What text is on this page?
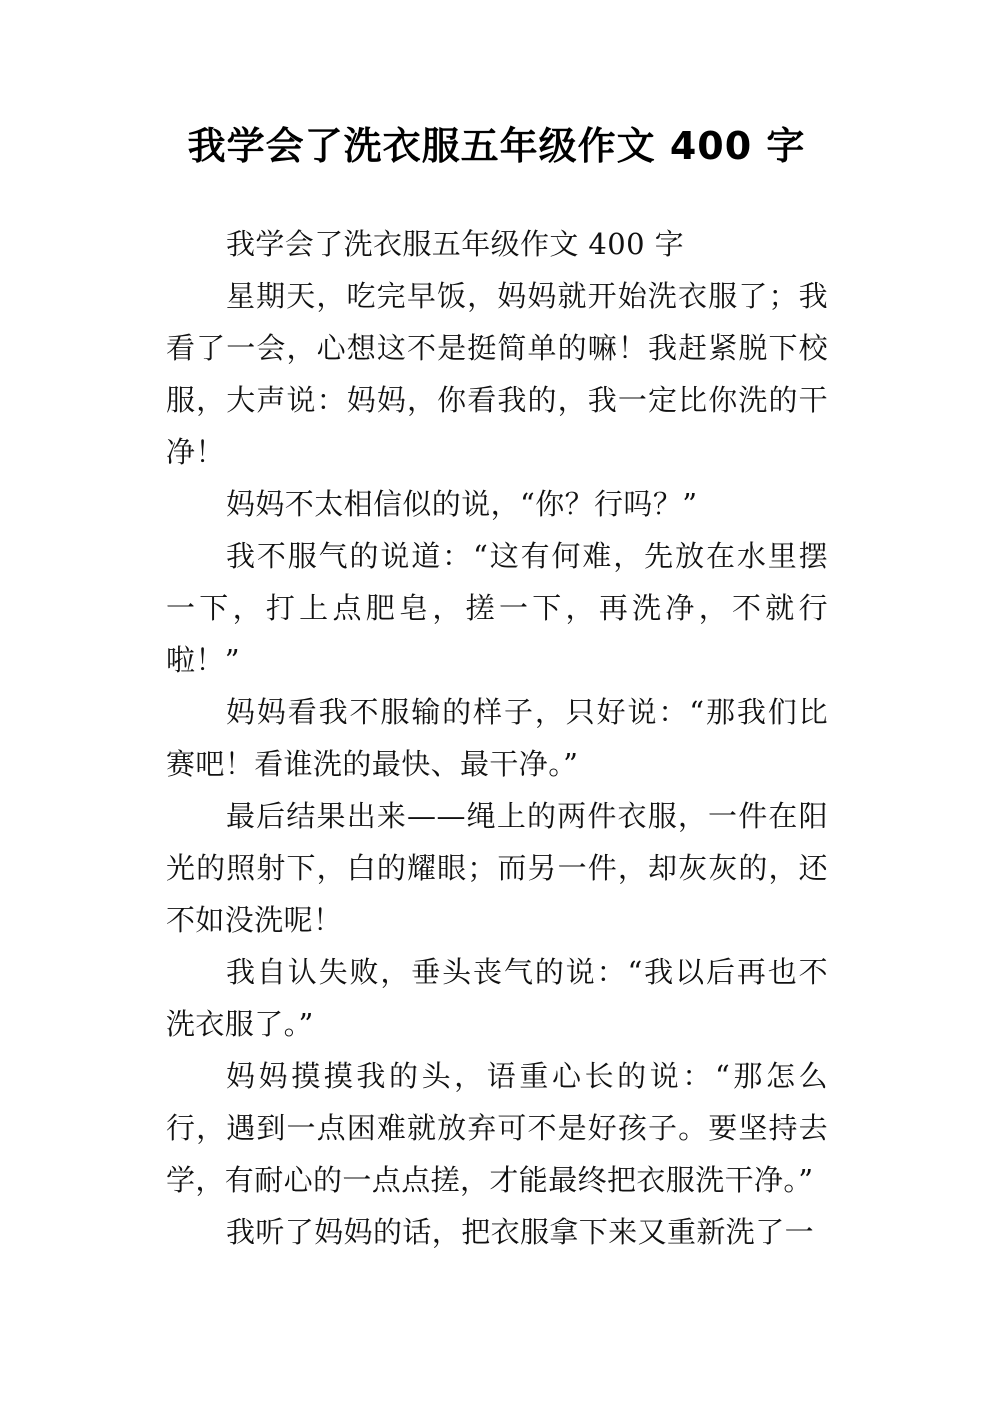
我学会了洗衣服五年级作文 400 字

我学会了洗衣服五年级作文 400 字

星期天，吃完早饭，妈妈就开始洗衣服了；我看了一会，心想这不是挺简单的嘛！我赶紧脱下校服，大声说：妈妈，你看我的，我一定比你洗的干净！

妈妈不太相信似的说，“你？行吗？”

我不服气的说道：“这有何难，先放在水里摆一下，打上点肥皂，搓一下，再洗净，不就行啦！”

妈妈看我不服输的样子，只好说：“那我们比赛吧！看谁洗的最快、最干净。”

最后结果出来——绳上的两件衣服，一件在阳光的照射下，白的耀眼；而另一件，却灰灰的，还不如没洗呢！

我自认失败，垂头丧气的说：“我以后再也不洗衣服了。”

妈妈摸摸我的头，语重心长的说：“那怎么行，遇到一点困难就放弃可不是好孩子。要坚持去学，有耐心的一点点搓，才能最终把衣服洗干净。”

我听了妈妈的话，把衣服拿下来又重新洗了一
